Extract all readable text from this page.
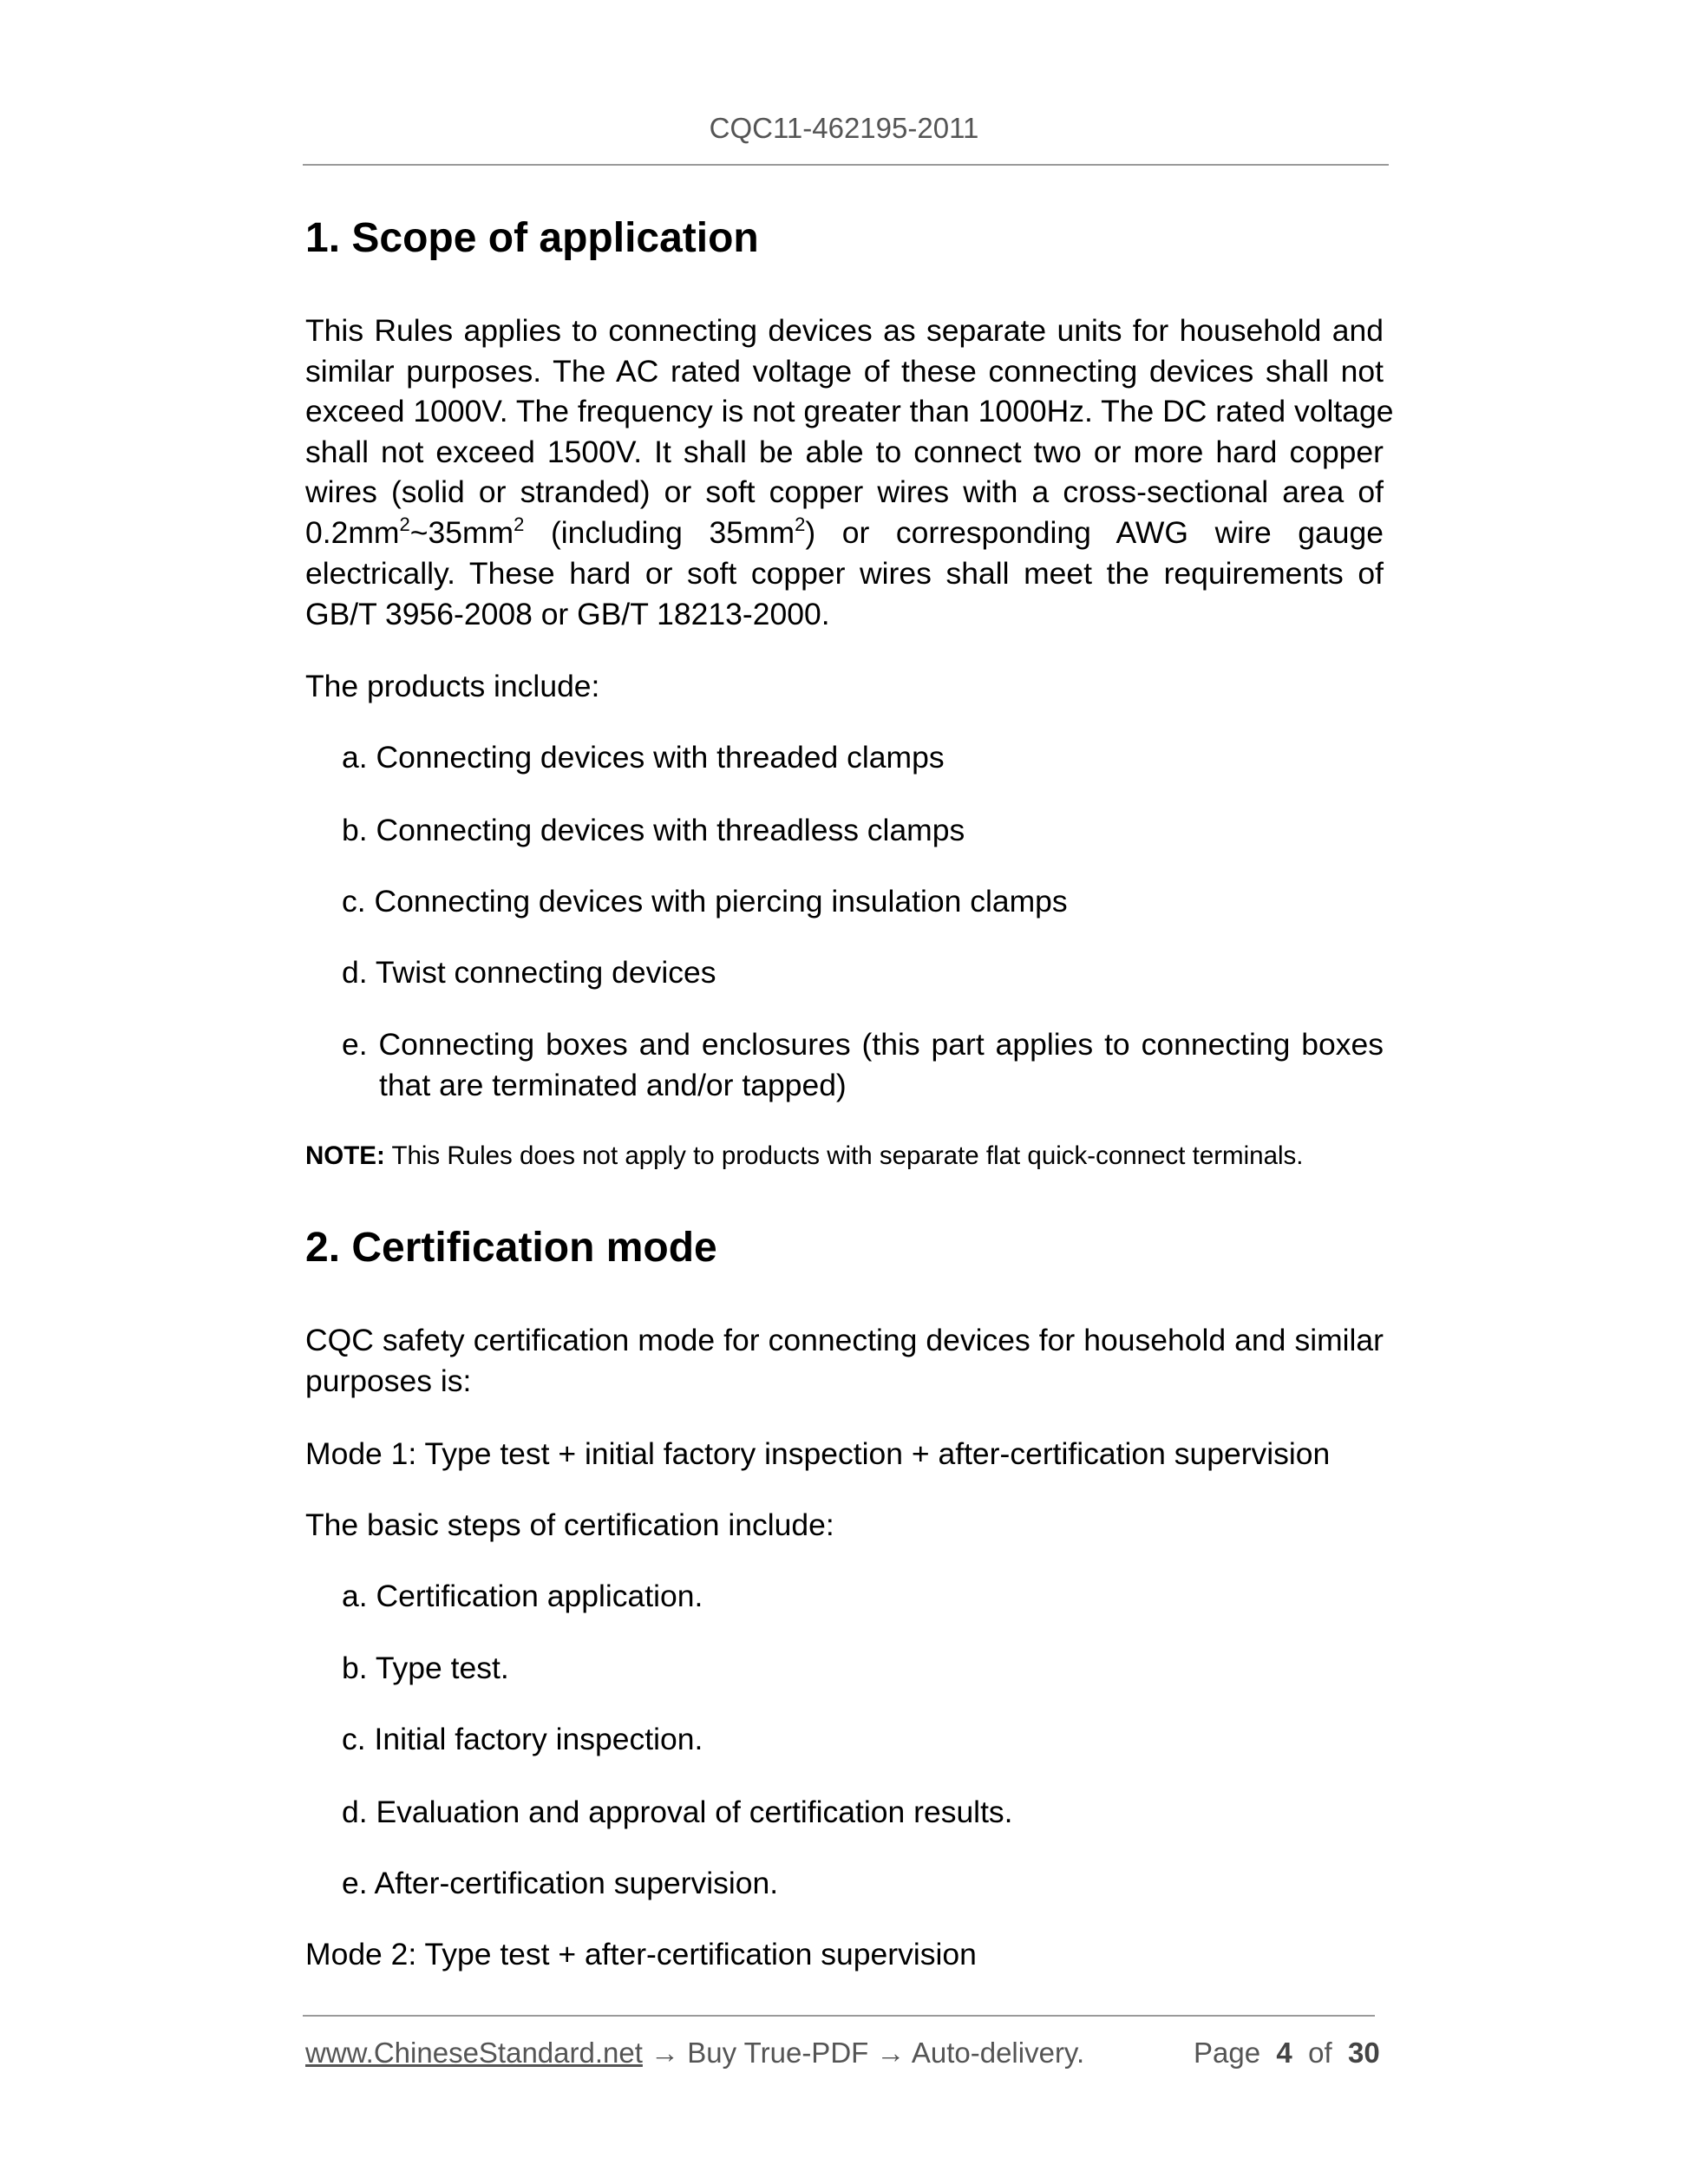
CQC11-462195-2011
1. Scope of application
This Rules applies to connecting devices as separate units for household and
similar purposes. The AC rated voltage of these connecting devices shall not
exceed 1000V. The frequency is not greater than 1000Hz. The DC rated voltage
shall not exceed 1500V. It shall be able to connect two or more hard copper
wires (solid or stranded) or soft copper wires with a cross-sectional area of
$0.2mm^2\sim 35mm^2$ (including $35mm^2$) or corresponding AWG wire gauge
electrically. These hard or soft copper wires shall meet the requirements of
GB/T 3956-2008 or GB/T 18213-2000.
The products include:
a. Connecting devices with threaded clamps
b. Connecting devices with threadless clamps
c. Connecting devices with piercing insulation clamps
d. Twist connecting devices
e. Connecting boxes and enclosures (this part applies to connecting boxes
that are terminated and/or tapped)
NOTE: This Rules does not apply to products with separate flat quick-connect terminals.
2. Certification mode
CQC safety certification mode for connecting devices for household and similar
purposes is:
Mode 1: Type test + initial factory inspection + after-certification supervision
The basic steps of certification include:
a. Certification application.
b. Type test.
c. Initial factory inspection.
d. Evaluation and approval of certification results.
e. After-certification supervision.
Mode 2: Type test + after-certification supervision
www.ChineseStandard.net → Buy True-PDF → Auto-delivery.	Page 4 of 30
